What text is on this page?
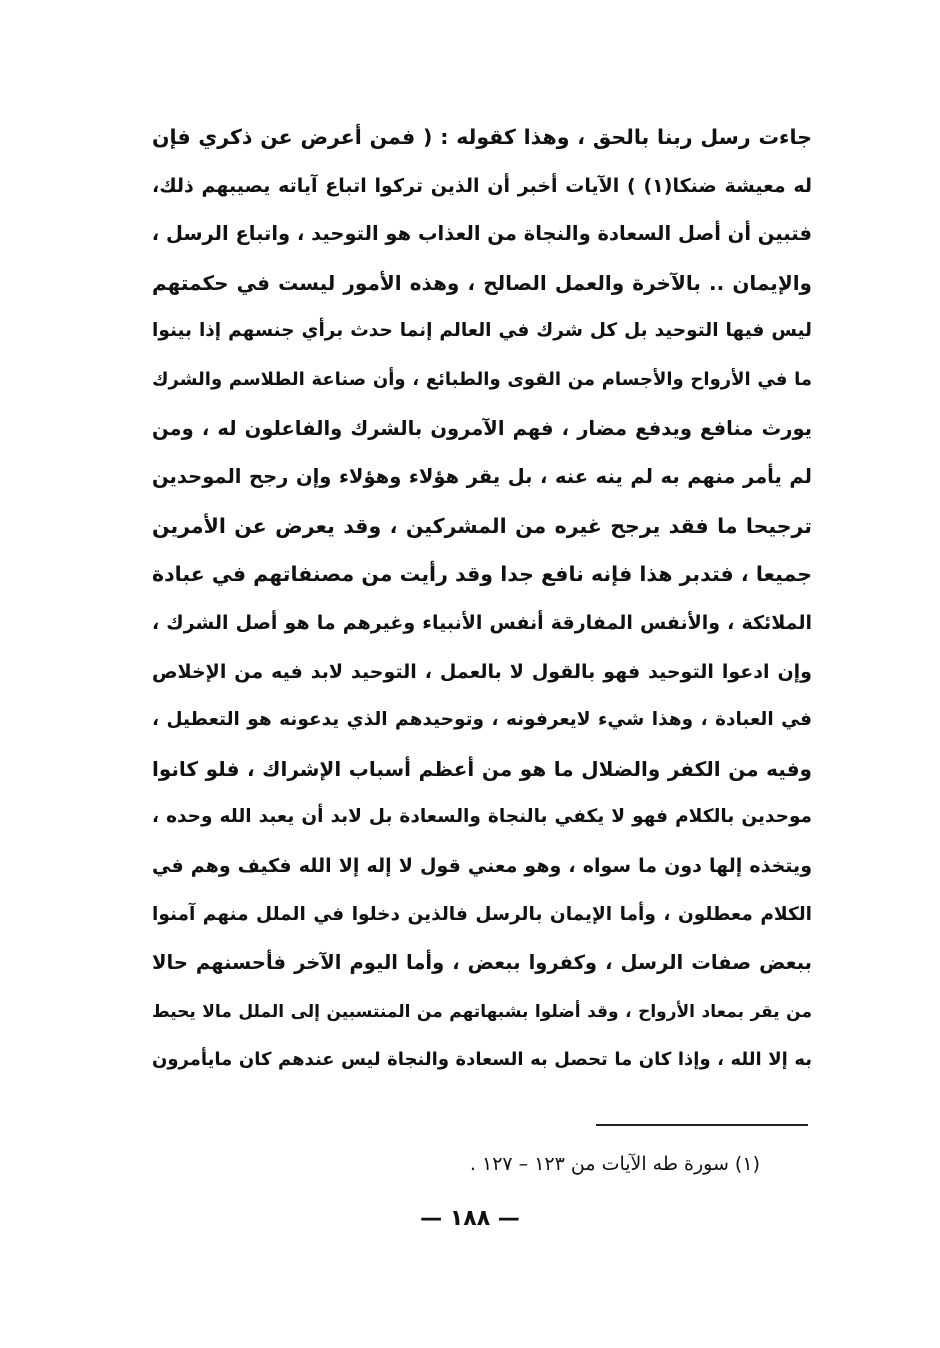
جاءت رسل ربنا بالحق ، وهذا كقوله : ( فمن أعرض عن ذكري فإن
له معيشة ضنكا(١) ) الآيات أخبر أن الذين تركوا اتباع آياته يصيبهم ذلك،
فتبين أن أصل السعادة والنجاة من العذاب هو التوحيد ، واتباع الرسل ،
والإيمان .. بالآخرة والعمل الصالح ، وهذه الأمور ليست في حكمتهم
ليس فيها التوحيد بل كل شرك في العالم إنما حدث برأي جنسهم إذا بينوا
ما في الأرواح والأجسام من القوى والطبائع ، وأن صناعة الطلاسم والشرك
يورث منافع ويدفع مضار ، فهم الآمرون بالشرك والفاعلون له ، ومن
لم يأمر منهم به لم ينه عنه ، بل يقر هؤلاء وهؤلاء وإن رجح الموحدين
ترجيحا ما فقد يرجح غيره من المشركين ، وقد يعرض عن الأمرين
جميعا ، فتدبر هذا فإنه نافع جدا وقد رأيت من مصنفاتهم في عبادة
الملائكة ، والأنفس المفارقة أنفس الأنبياء وغيرهم ما هو أصل الشرك ،
وإن ادعوا التوحيد فهو بالقول لا بالعمل ، التوحيد لابد فيه من الإخلاص
في العبادة ، وهذا شيء لايعرفونه ، وتوحيدهم الذي يدعونه هو التعطيل ،
وفيه من الكفر والضلال ما هو من أعظم أسباب الإشراك ، فلو كانوا
موحدين بالكلام فهو لا يكفي بالنجاة والسعادة بل لابد أن يعبد الله وحده ،
ويتخذه إلها دون ما سواه ، وهو معني قول لا إله إلا الله فكيف وهم في
الكلام معطلون ، وأما الإيمان بالرسل فالذين دخلوا في الملل منهم آمنوا
ببعض صفات الرسل ، وكفروا ببعض ، وأما اليوم الآخر فأحسنهم حالا
من يقر بمعاد الأرواح ، وقد أضلوا بشبهاتهم من المنتسبين إلى الملل مالا يحيط
به إلا الله ، وإذا كان ما تحصل به السعادة والنجاة ليس عندهم كان مايأمرون
(١) سورة طه الآيات من ١٢٣ – ١٢٧ .
— ١٨٨ —
